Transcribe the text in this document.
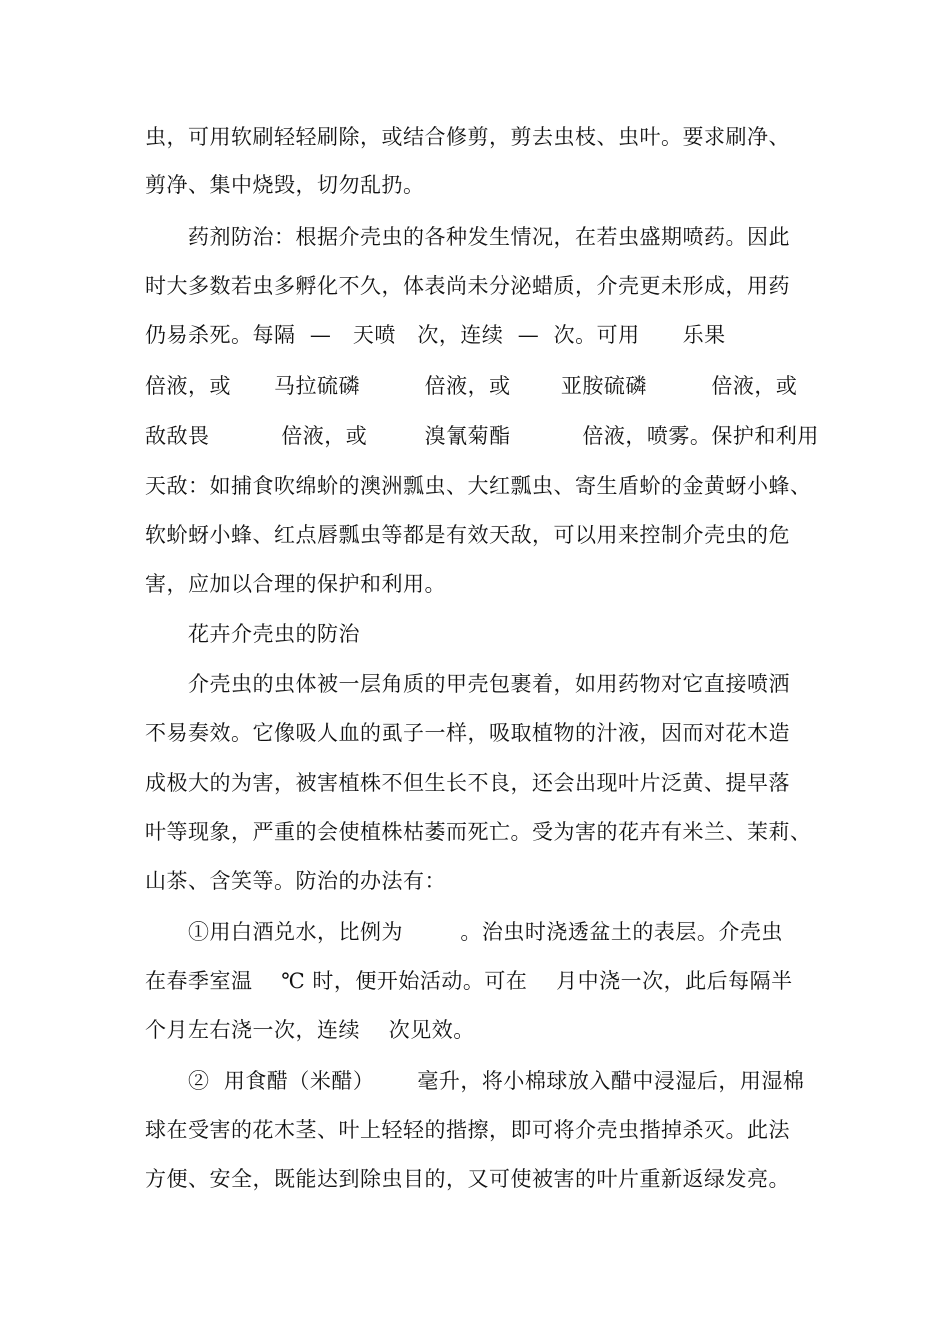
虫，可用软刷轻轻刷除，或结合修剪，剪去虫枝、虫叶。要求刷净、
剪净、集中烧毁，切勿乱扔。
药剂防治：根据介壳虫的各种发生情况，在若虫盛期喷药。因此
时大多数若虫多孵化不久，体表尚未分泌蜡质，介壳更未形成，用药
仍易杀死。每隔  —   天喷   次，连续  —  次。可用      乐果
倍液，或      马拉硫磷         倍液，或       亚胺硫磷         倍液，或
敌敌畏          倍液，或        溴氰菊酯          倍液，喷雾。保护和利用
天敌：如捕食吹绵蚧的澳洲瓢虫、大红瓢虫、寄生盾蚧的金黄蚜小蜂、
软蚧蚜小蜂、红点唇瓢虫等都是有效天敌，可以用来控制介壳虫的危
害，应加以合理的保护和利用。
花卉介壳虫的防治
介壳虫的虫体被一层角质的甲壳包裹着，如用药物对它直接喷洒
不易奏效。它像吸人血的虱子一样，吸取植物的汁液，因而对花木造
成极大的为害，被害植株不但生长不良，还会出现叶片泛黄、提早落
叶等现象，严重的会使植株枯萎而死亡。受为害的花卉有米兰、茉莉、
山茶、含笑等。防治的办法有：
①用白酒兑水，比例为        。治虫时浇透盆土的表层。介壳虫
在春季室温    ℃ 时，便开始活动。可在    月中浇一次，此后每隔半
个月左右浇一次，连续    次见效。
②  用食醋（米醋）      毫升，将小棉球放入醋中浸湿后，用湿棉
球在受害的花木茎、叶上轻轻的揩擦，即可将介壳虫揩掉杀灭。此法
方便、安全，既能达到除虫目的，又可使被害的叶片重新返绿发亮。
